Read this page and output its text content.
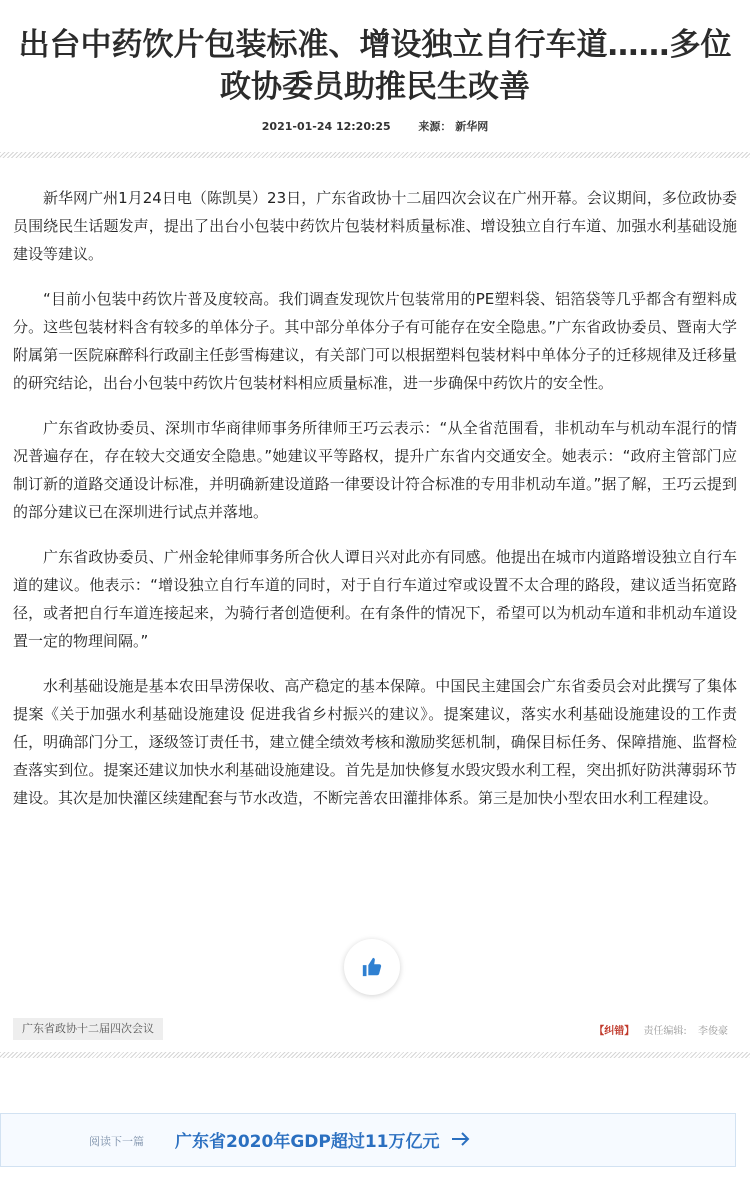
出台中药饮片包装标准、增设独立自行车道……多位政协委员助推民生改善
2021-01-24 12:20:25	来源： 新华网

新华网广州1月24日电（陈凯昊）23日，广东省政协十二届四次会议在广州开幕。会议期间，多位政协委员围绕民生话题发声，提出了出台小包装中药饮片包装材料质量标准、增设独立自行车道、加强水利基础设施建设等建议。

“目前小包装中药饮片普及度较高。我们调查发现饮片包装常用的PE塑料袋、铝箔袋等几乎都含有塑料成分。这些包装材料含有较多的单体分子。其中部分单体分子有可能存在安全隐患。”广东省政协委员、暨南大学附属第一医院麻醉科行政副主任彭雪梅建议，有关部门可以根据塑料包装材料中单体分子的迁移规律及迁移量的研究结论，出台小包装中药饮片包装材料相应质量标准，进一步确保中药饮片的安全性。

广东省政协委员、深圳市华商律师事务所律师王巧云表示：“从全省范围看，非机动车与机动车混行的情况普遍存在，存在较大交通安全隐患。”她建议平等路权，提升广东省内交通安全。她表示：“政府主管部门应制订新的道路交通设计标准，并明确新建设道路一律要设计符合标准的专用非机动车道。”据了解，王巧云提到的部分建议已在深圳进行试点并落地。

广东省政协委员、广州金轮律师事务所合伙人谭日兴对此亦有同感。他提出在城市内道路增设独立自行车道的建议。他表示：“增设独立自行车道的同时，对于自行车道过窄或设置不太合理的路段，建议适当拓宽路径，或者把自行车道连接起来，为骑行者创造便利。在有条件的情况下，希望可以为机动车道和非机动车道设置一定的物理间隔。”

水利基础设施是基本农田旱涝保收、高产稳定的基本保障。中国民主建国会广东省委员会对此撰写了集体提案《关于加强水利基础设施建设 促进我省乡村振兴的建议》。提案建议，落实水利基础设施建设的工作责任，明确部门分工，逐级签订责任书，建立健全绩效考核和激励奖惩机制，确保目标任务、保障措施、监督检查落实到位。提案还建议加快水利基础设施建设。首先是加快修复水毁灾毁水利工程，突出抓好防洪薄弱环节建设。其次是加快灌区续建配套与节水改造，不断完善农田灌排体系。第三是加快小型农田水利工程建设。

广东省政协十二届四次会议	【纠错】 责任编辑: 李俊豪
阅读下一篇 广东省2020年GDP超过11万亿元
